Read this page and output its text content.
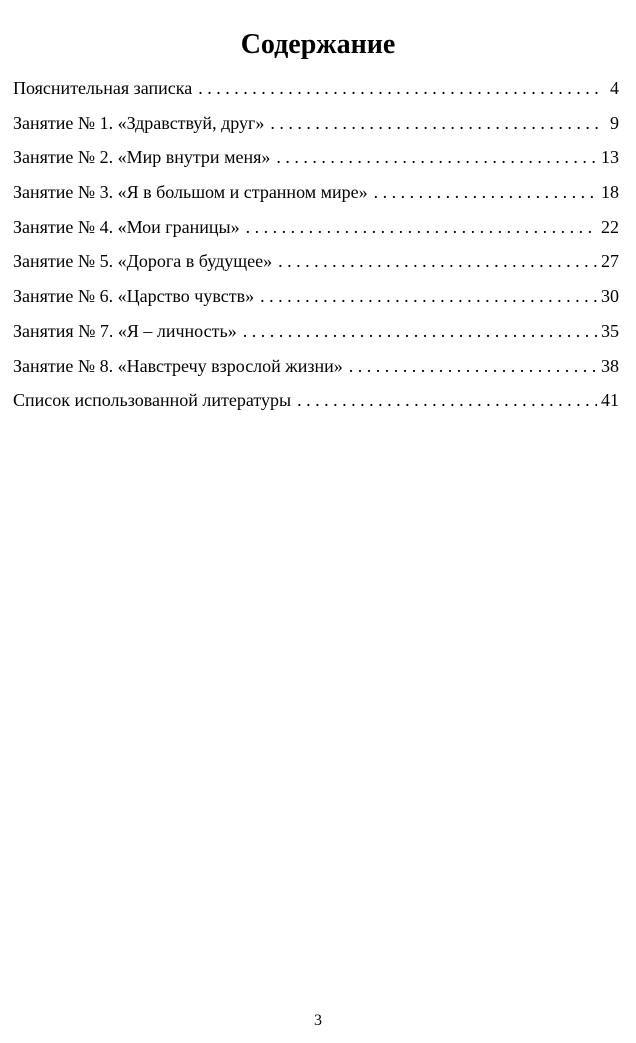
Содержание
Пояснительная записка . . .	4
Занятие № 1. «Здравствуй, друг» . . .	9
Занятие № 2. «Мир внутри меня» . . .	13
Занятие № 3. «Я в большом и странном мире» . . .	18
Занятие № 4. «Мои границы» . . .	22
Занятие № 5. «Дорога в будущее» . . .	27
Занятие № 6. «Царство чувств» . . .	30
Занятия № 7. «Я – личность» . . .	35
Занятие № 8. «Навстречу взрослой жизни» . . .	38
Список использованной литературы . . .	41
3
